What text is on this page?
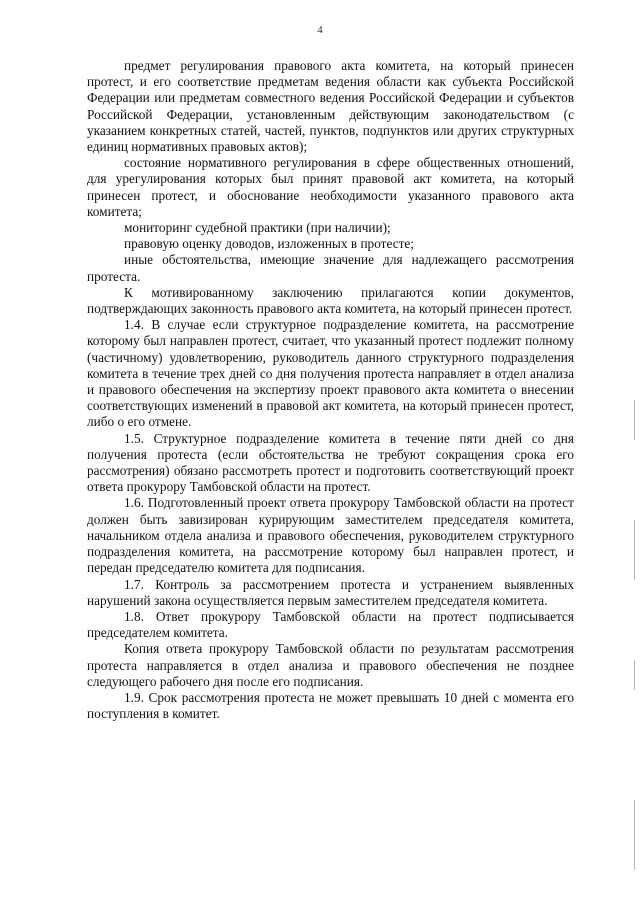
4

предмет регулирования правового акта комитета, на который принесен протест, и его соответствие предметам ведения области как субъекта Российской Федерации или предметам совместного ведения Российской Федерации и субъектов Российской Федерации, установленным действующим законодательством (с указанием конкретных статей, частей, пунктов, подпунктов или других структурных единиц нормативных правовых актов);

состояние нормативного регулирования в сфере общественных отношений, для урегулирования которых был принят правовой акт комитета, на который принесен протест, и обоснование необходимости указанного правового акта комитета;

мониторинг судебной практики (при наличии);

правовую оценку доводов, изложенных в протесте;

иные обстоятельства, имеющие значение для надлежащего рассмотрения протеста.

К мотивированному заключению прилагаются копии документов, подтверждающих законность правового акта комитета, на который принесен протест.

1.4. В случае если структурное подразделение комитета, на рассмотрение которому был направлен протест, считает, что указанный протест подлежит полному (частичному) удовлетворению, руководитель данного структурного подразделения комитета в течение трех дней со дня получения протеста направляет в отдел анализа и правового обеспечения на экспертизу проект правового акта комитета о внесении соответствующих изменений в правовой акт комитета, на который принесен протест, либо о его отмене.

1.5. Структурное подразделение комитета в течение пяти дней со дня получения протеста (если обстоятельства не требуют сокращения срока его рассмотрения) обязано рассмотреть протест и подготовить соответствующий проект ответа прокурору Тамбовской области на протест.

1.6. Подготовленный проект ответа прокурору Тамбовской области на протест должен быть завизирован курирующим заместителем председателя комитета, начальником отдела анализа и правового обеспечения, руководителем структурного подразделения комитета, на рассмотрение которому был направлен протест, и передан председателю комитета для подписания.

1.7. Контроль за рассмотрением протеста и устранением выявленных нарушений закона осуществляется первым заместителем председателя комитета.

1.8. Ответ прокурору Тамбовской области на протест подписывается председателем комитета.

Копия ответа прокурору Тамбовской области по результатам рассмотрения протеста направляется в отдел анализа и правового обеспечения не позднее следующего рабочего дня после его подписания.

1.9. Срок рассмотрения протеста не может превышать 10 дней с момента его поступления в комитет.
